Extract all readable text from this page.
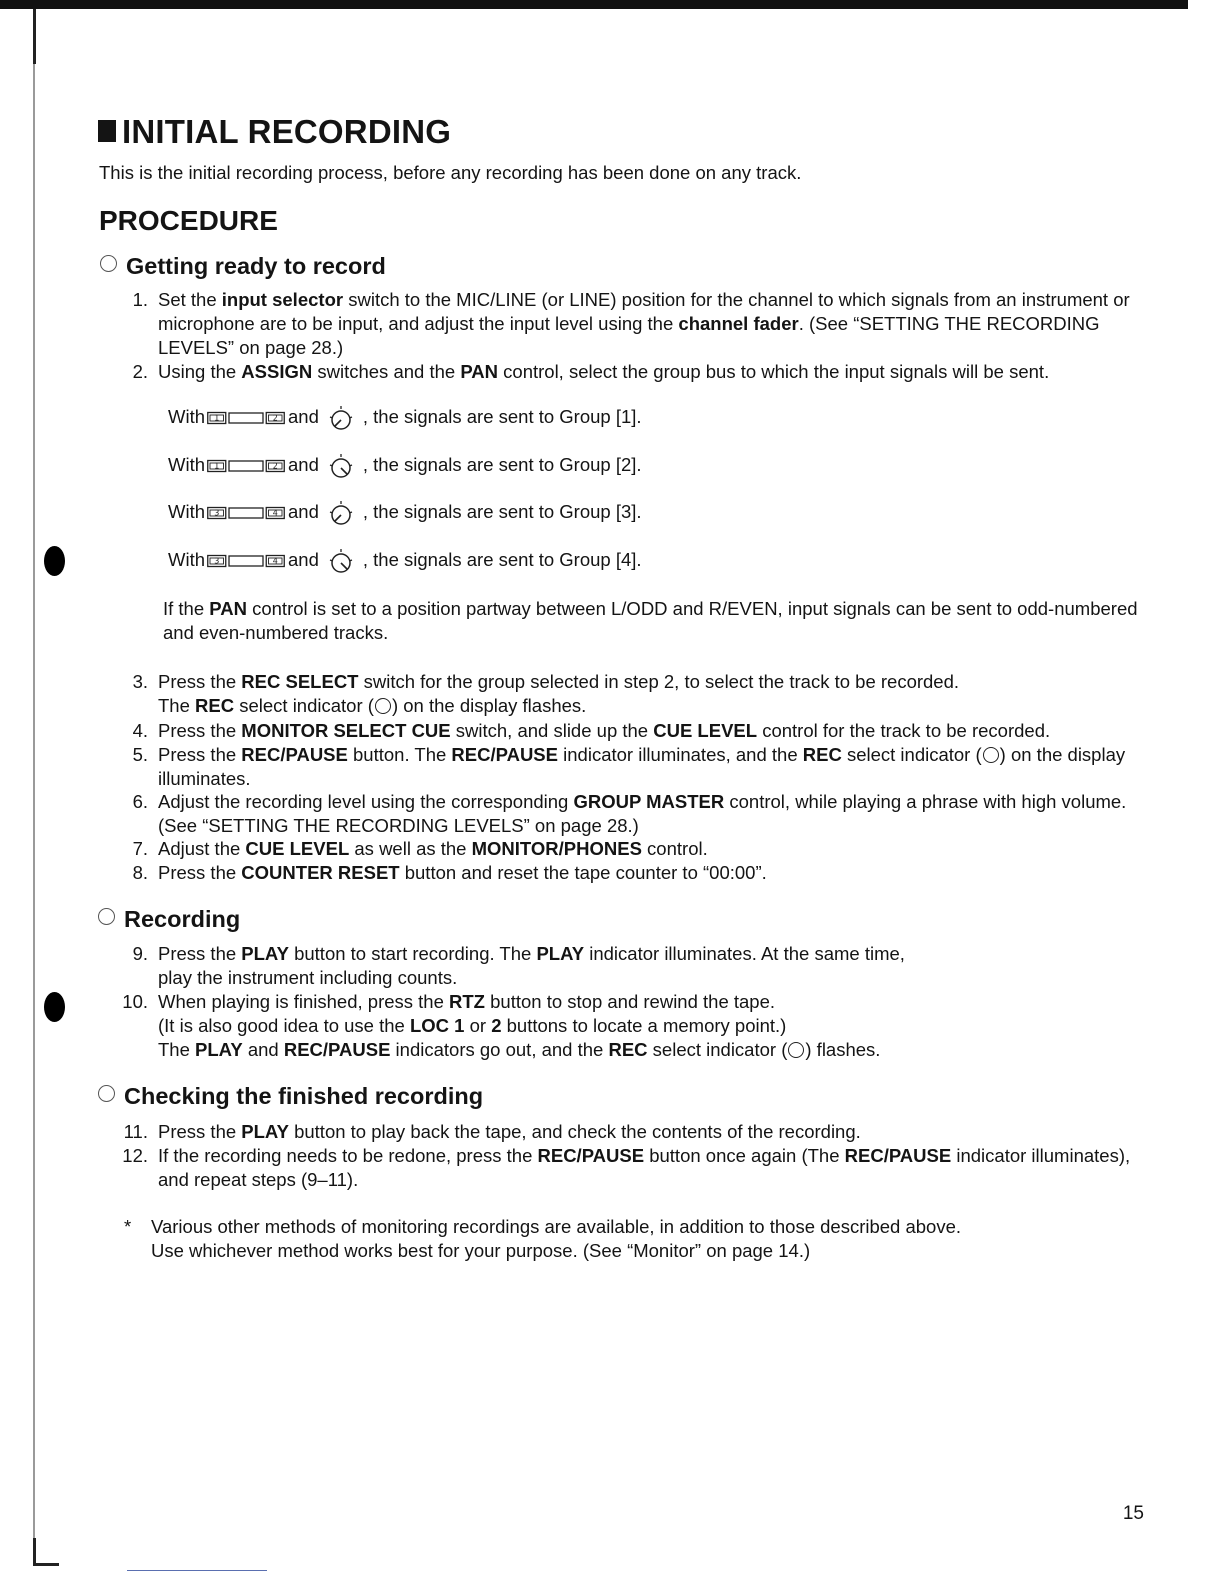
INITIAL RECORDING

This is the initial recording process, before any recording has been done on any track.

PROCEDURE
Getting ready to record
1. Set the input selector switch to the MIC/LINE (or LINE) position for the channel to which signals from an instrument or microphone are to be input, and adjust the input level using the channel fader. (See “SETTING THE RECORDING LEVELS” on page 28.)
2. Using the ASSIGN switches and the PAN control, select the group bus to which the input signals will be sent.
With 1	2 and , the signals are sent to Group [1].
With 1	2 and , the signals are sent to Group [2].
With 3	4 and , the signals are sent to Group [3].
With 3	4 and , the signals are sent to Group [4].

If the PAN control is set to a position partway between L/ODD and R/EVEN, input signals can be sent to odd-numbered and even-numbered tracks.

3. Press the REC SELECT switch for the group selected in step 2, to select the track to be recorded.
The REC select indicator ( ) on the display flashes.
4. Press the MONITOR SELECT CUE switch, and slide up the CUE LEVEL control for the track to be recorded.
5. Press the REC/PAUSE button. The REC/PAUSE indicator illuminates, and the REC select indicator ( ) on the display illuminates.
6. Adjust the recording level using the corresponding GROUP MASTER control, while playing a phrase with high volume. (See “SETTING THE RECORDING LEVELS” on page 28.)
7. Adjust the CUE LEVEL as well as the MONITOR/PHONES control.
8. Press the COUNTER RESET button and reset the tape counter to “00:00”.
Recording
9. Press the PLAY button to start recording. The PLAY indicator illuminates. At the same time,
play the instrument including counts.
10. When playing is finished, press the RTZ button to stop and rewind the tape.
(It is also good idea to use the LOC 1 or 2 buttons to locate a memory point.)
The PLAY and REC/PAUSE indicators go out, and the REC select indicator ( ) flashes.
Checking the finished recording
11. Press the PLAY button to play back the tape, and check the contents of the recording.
12. If the recording needs to be redone, press the REC/PAUSE button once again (The REC/PAUSE indicator illuminates), and repeat steps (9–11).
* Various other methods of monitoring recordings are available, in addition to those described above.
Use whichever method works best for your purpose. (See “Monitor” on page 14.)

15
